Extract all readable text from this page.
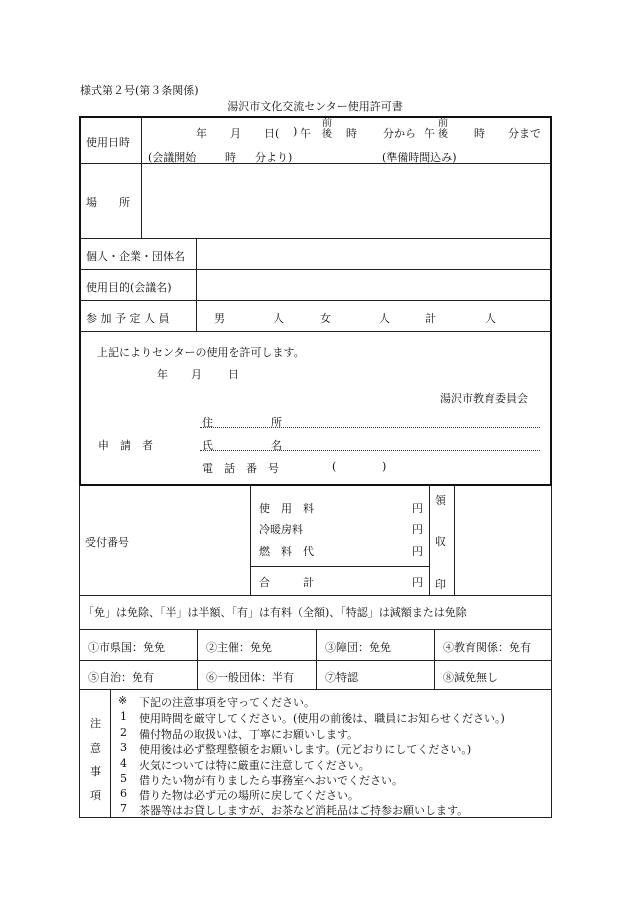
様式第２号(第３条関係)
湯沢市文化交流センター使用許可書
使用日時
年 月 日( ) 午
前
後 時 分から 午
前
後 時 分まで
(会議開始	時 分より)	(準備時間込み)
場　　所
個人・企業・団体名
使用目的(会議名)
参 加 予 定 人 員	男	人	女	人	計	人
上記によりセンターの使用を許可します。
年 月 日
湯沢市教育委員会
申　請　者
住	所
氏	名
電　話　番　号	(	)
受付番号
使　用　料	円
冷暖房料	円
燃　料　代	円
合　　　計	円
領
収
印
「免」は免除、「半」は半額、「有」は有料（全額)、「特認」は減額または免除
①市県国：免免	②主催：免免	③障団：免免	④教育関係：免有
⑤自治：免有	⑥一般団体：半有	⑦特認	⑧減免無し
注
意
事
項
※ 下記の注意事項を守ってください。
1 使用時間を厳守してください。(使用の前後は、職員にお知らせください。)
2 備付物品の取扱いは、丁寧にお願いします。
3 使用後は必ず整理整頓をお願いします。(元どおりにしてください。)
4 火気については特に厳重に注意してください。
5 借りたい物が有りましたら事務室へおいでください。
6 借りた物は必ず元の場所に戻してください。
7 茶器等はお貸ししますが、お茶など消耗品はご持参お願いします。
